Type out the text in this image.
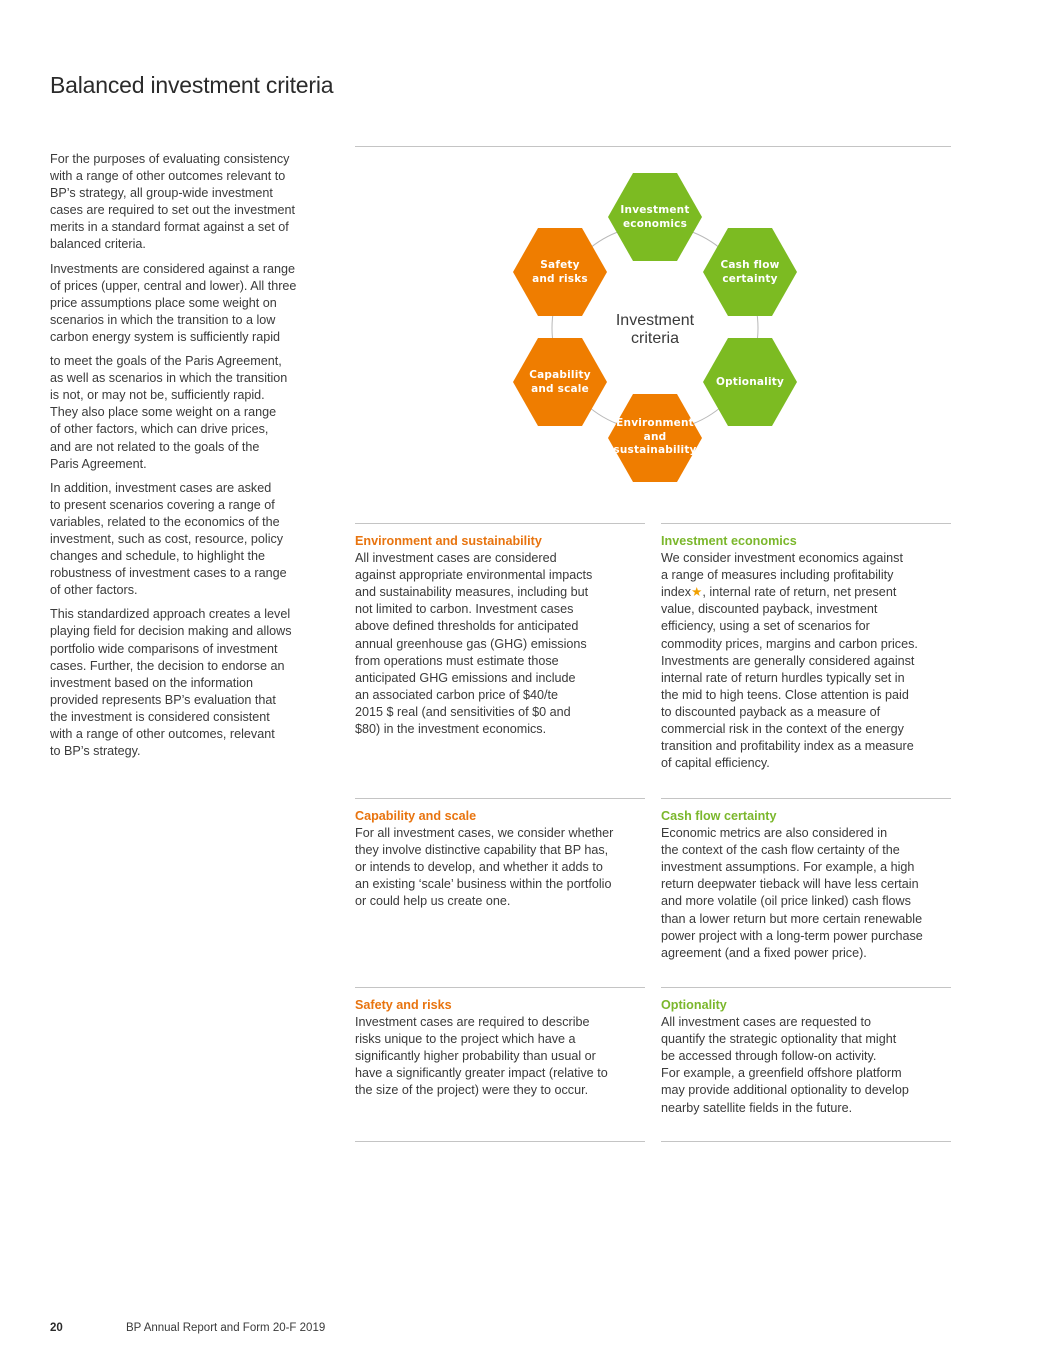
Balanced investment criteria

For the purposes of evaluating consistency
with a range of other outcomes relevant to
BP’s strategy, all group-wide investment
cases are required to set out the investment
merits in a standard format against a set of
balanced criteria.

Investments are considered against a range
of prices (upper, central and lower). All three
price assumptions place some weight on
scenarios in which the transition to a low
carbon energy system is sufficiently rapid

to meet the goals of the Paris Agreement,
as well as scenarios in which the transition
is not, or may not be, sufficiently rapid.
They also place some weight on a range
of other factors, which can drive prices,
and are not related to the goals of the
Paris Agreement.

In addition, investment cases are asked
to present scenarios covering a range of
variables, related to the economics of the
investment, such as cost, resource, policy
changes and schedule, to highlight the
robustness of investment cases to a range
of other factors.

This standardized approach creates a level
playing field for decision making and allows
portfolio wide comparisons of investment
cases. Further, the decision to endorse an
investment based on the information
provided represents BP’s evaluation that
the investment is considered consistent
with a range of other outcomes, relevant
to BP’s strategy.

Investment
economics
Cash flow
certainty
Optionality
Environment
and
sustainability
Capability
and scale
Safety
and risks
Investment
criteria
Environment and sustainability

All investment cases are considered
against appropriate environmental impacts
and sustainability measures, including but
not limited to carbon. Investment cases
above defined thresholds for anticipated
annual greenhouse gas (GHG) emissions
from operations must estimate those
anticipated GHG emissions and include
an associated carbon price of $40/te
2015 $ real (and sensitivities of $0 and
$80) in the investment economics.

Investment economics

We consider investment economics against
a range of measures including profitability
index★, internal rate of return, net present
value, discounted payback, investment
efficiency, using a set of scenarios for
commodity prices, margins and carbon prices.
Investments are generally considered against
internal rate of return hurdles typically set in
the mid to high teens. Close attention is paid
to discounted payback as a measure of
commercial risk in the context of the energy
transition and profitability index as a measure
of capital efficiency.

Capability and scale

For all investment cases, we consider whether
they involve distinctive capability that BP has,
or intends to develop, and whether it adds to
an existing ‘scale’ business within the portfolio
or could help us create one.

Cash flow certainty

Economic metrics are also considered in
the context of the cash flow certainty of the
investment assumptions. For example, a high
return deepwater tieback will have less certain
and more volatile (oil price linked) cash flows
than a lower return but more certain renewable
power project with a long-term power purchase
agreement (and a fixed power price).

Safety and risks

Investment cases are required to describe
risks unique to the project which have a
significantly higher probability than usual or
have a significantly greater impact (relative to
the size of the project) were they to occur.

Optionality

All investment cases are requested to
quantify the strategic optionality that might
be accessed through follow-on activity.
For example, a greenfield offshore platform
may provide additional optionality to develop
nearby satellite fields in the future.

20	BP Annual Report and Form 20-F 2019
